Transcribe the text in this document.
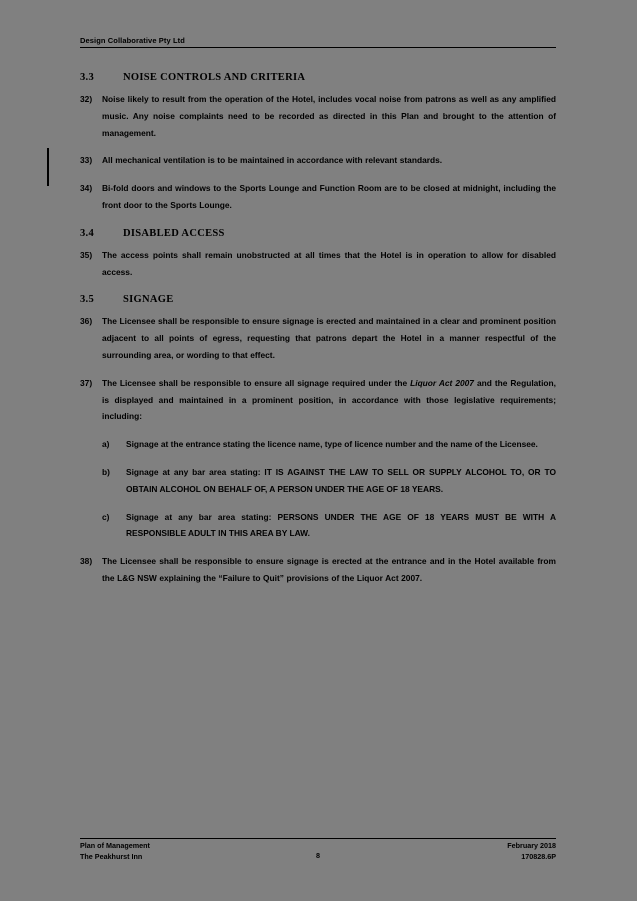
Design Collaborative Pty Ltd
3.3	NOISE CONTROLS AND CRITERIA
32)	Noise likely to result from the operation of the Hotel, includes vocal noise from patrons as well as any amplified music. Any noise complaints need to be recorded as directed in this Plan and brought to the attention of management.
33)	All mechanical ventilation is to be maintained in accordance with relevant standards.
34)	Bi-fold doors and windows to the Sports Lounge and Function Room are to be closed at midnight, including the front door to the Sports Lounge.
3.4	DISABLED ACCESS
35)	The access points shall remain unobstructed at all times that the Hotel is in operation to allow for disabled access.
3.5	SIGNAGE
36)	The Licensee shall be responsible to ensure signage is erected and maintained in a clear and prominent position adjacent to all points of egress, requesting that patrons depart the Hotel in a manner respectful of the surrounding area, or wording to that effect.
37)	The Licensee shall be responsible to ensure all signage required under the Liquor Act 2007 and the Regulation, is displayed and maintained in a prominent position, in accordance with those legislative requirements; including:
a)	Signage at the entrance stating the licence name, type of licence number and the name of the Licensee.
b)	Signage at any bar area stating: IT IS AGAINST THE LAW TO SELL OR SUPPLY ALCOHOL TO, OR TO OBTAIN ALCOHOL ON BEHALF OF, A PERSON UNDER THE AGE OF 18 YEARS.
c)	Signage at any bar area stating: PERSONS UNDER THE AGE OF 18 YEARS MUST BE WITH A RESPONSIBLE ADULT IN THIS AREA BY LAW.
38)	The Licensee shall be responsible to ensure signage is erected at the entrance and in the Hotel available from the L&G NSW explaining the “Failure to Quit” provisions of the Liquor Act 2007.
Plan of Management
The Peakhurst Inn	8
February 2018
170828.6P
